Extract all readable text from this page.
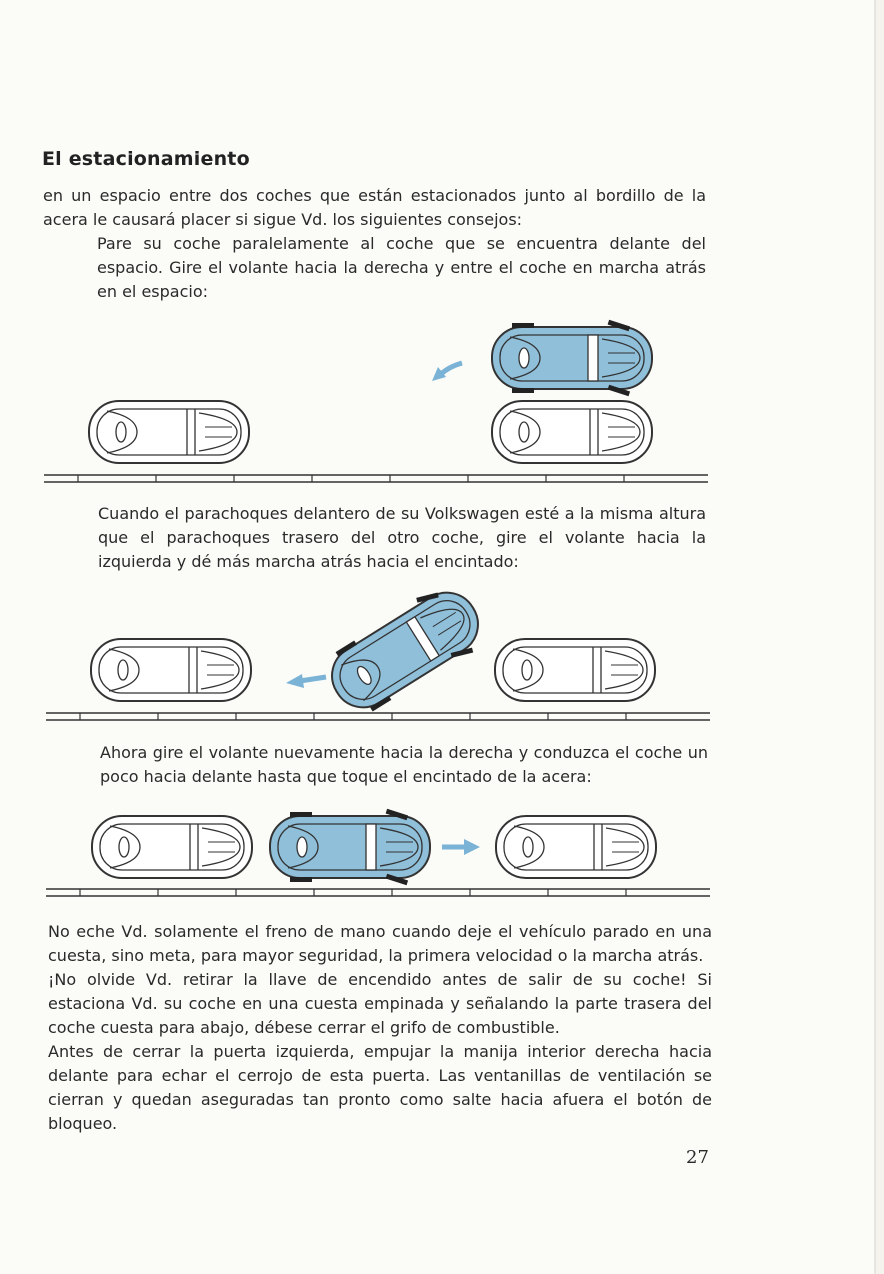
El estacionamiento

en un espacio entre dos coches que están estacionados junto al bordillo de la acera le causará placer si sigue Vd. los siguientes consejos:

Pare su coche paralelamente al coche que se encuentra delante del espacio. Gire el volante hacia la derecha y entre el coche en marcha atrás en el espacio:

Cuando el parachoques delantero de su Volkswagen esté a la misma altura que el parachoques trasero del otro coche, gire el volante hacia la izquierda y dé más marcha atrás hacia el encintado:

Ahora gire el volante nuevamente hacia la derecha y conduzca el coche un poco hacia delante hasta que toque el encintado de la acera:

No eche Vd. solamente el freno de mano cuando deje el vehículo parado en una cuesta, sino meta, para mayor seguridad, la primera velocidad o la marcha atrás.

¡No olvide Vd. retirar la llave de encendido antes de salir de su coche! Si estaciona Vd. su coche en una cuesta empinada y señalando la parte trasera del coche cuesta para abajo, débese cerrar el grifo de combustible.

Antes de cerrar la puerta izquierda, empujar la manija interior derecha hacia delante para echar el cerrojo de esta puerta. Las ventanillas de ventilación se cierran y quedan aseguradas tan pronto como salte hacia afuera el botón de bloqueo.

27
